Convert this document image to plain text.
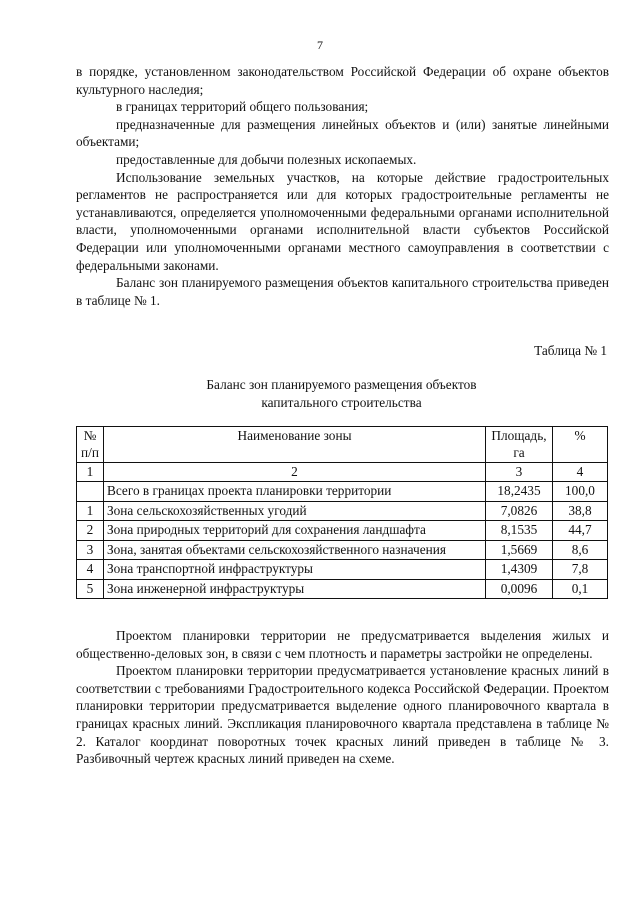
7

в порядке, установленном законодательством Российской Федерации об охране объектов культурного наследия;

в границах территорий общего пользования;

предназначенные для размещения линейных объектов и (или) занятые линейными объектами;

предоставленные для добычи полезных ископаемых.

Использование земельных участков, на которые действие градостроительных регламентов не распространяется или для которых градостроительные регламенты не устанавливаются, определяется уполномоченными федеральными органами исполнительной власти, уполномоченными органами исполнительной власти субъектов Российской Федерации или уполномоченными органами местного самоуправления в соответствии с федеральными законами.

Баланс зон планируемого размещения объектов капитального строительства приведен в таблице № 1.

Таблица № 1
Баланс зон планируемого размещения объектов
капитального строительства
№ п/п	Наименование зоны	Площадь, га	%
1	2	3	4
	Всего в границах проекта планировки территории	18,2435	100,0
1	Зона сельскохозяйственных угодий	7,0826	38,8
2	Зона природных территорий для сохранения ландшафта	8,1535	44,7
3	Зона, занятая объектами сельскохозяйственного назначения	1,5669	8,6
4	Зона транспортной инфраструктуры	1,4309	7,8
5	Зона инженерной инфраструктуры	0,0096	0,1

Проектом планировки территории не предусматривается выделения жилых и общественно-деловых зон, в связи с чем плотность и параметры застройки не определены.

Проектом планировки территории предусматривается установление красных линий в соответствии с требованиями Градостроительного кодекса Российской Федерации. Проектом планировки территории предусматривается выделение одного планировочного квартала в границах красных линий. Экспликация планировочного квартала представлена в таблице № 2. Каталог координат поворотных точек красных линий приведен в таблице № 3. Разбивочный чертеж красных линий приведен на схеме.
